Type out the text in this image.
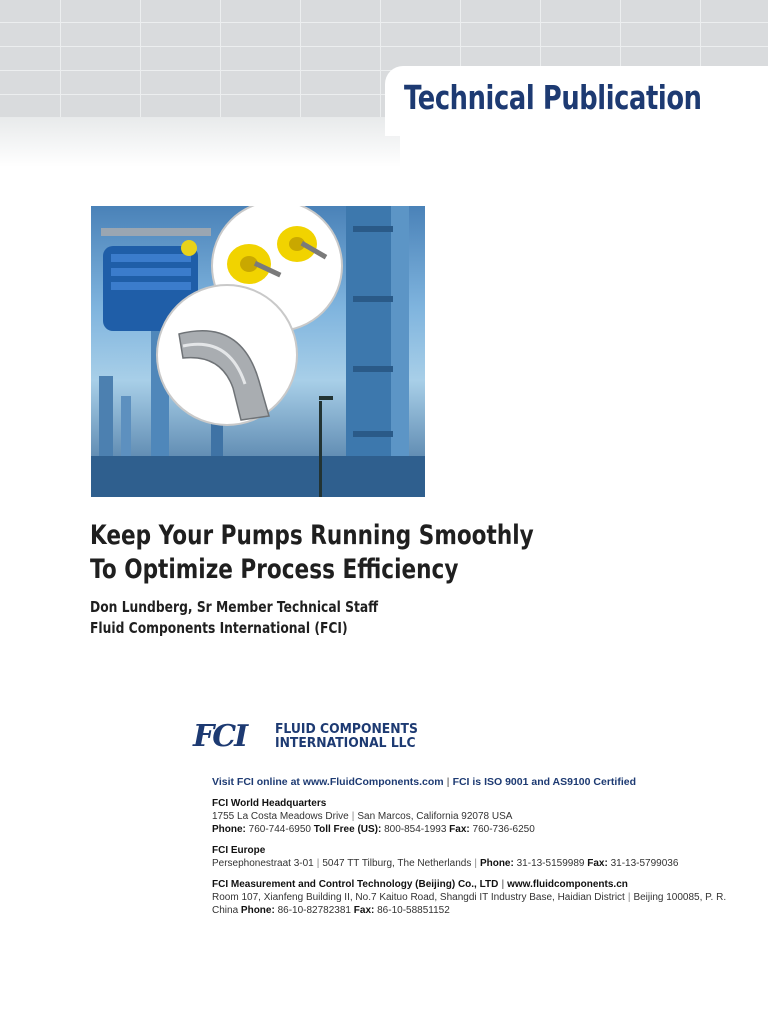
Technical Publication
Keep Your Pumps Running Smoothly
To Optimize Process Efficiency
Don Lundberg, Sr Member Technical Staff
Fluid Components International (FCI)
FCI FLUID COMPONENTS
INTERNATIONAL LLC
Visit FCI online at www.FluidComponents.com | FCI is ISO 9001 and AS9100 Certified
FCI World Headquarters
1755 La Costa Meadows Drive | San Marcos, California 92078 USA
Phone: 760-744-6950 Toll Free (US): 800-854-1993 Fax: 760-736-6250
FCI Europe
Persephonestraat 3-01 | 5047 TT Tilburg, The Netherlands | Phone: 31-13-5159989 Fax: 31-13-5799036
FCI Measurement and Control Technology (Beijing) Co., LTD | www.fluidcomponents.cn
Room 107, Xianfeng Building II, No.7 Kaituo Road, Shangdi IT Industry Base, Haidian District | Beijing 100085, P. R. China Phone: 86-10-82782381 Fax: 86-10-58851152
